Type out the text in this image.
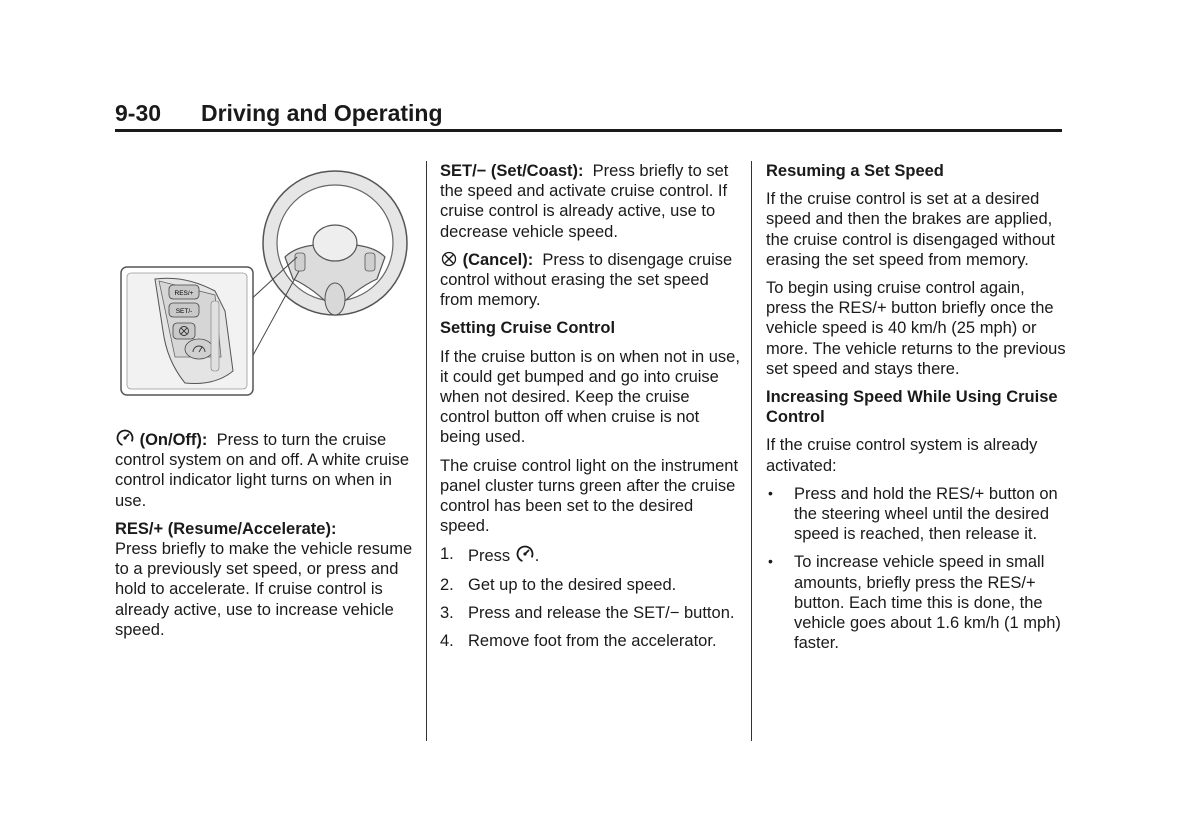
9-30 Driving and Operating
RES/+
SET/-

(On/Off): Press to turn the cruise control system on and off. A white cruise control indicator light turns on when in use.

RES/+ (Resume/Accelerate):
Press briefly to make the vehicle resume to a previously set speed, or press and hold to accelerate. If cruise control is already active, use to increase vehicle speed.

SET/− (Set/Coast): Press briefly to set the speed and activate cruise control. If cruise control is already active, use to decrease vehicle speed.

(Cancel): Press to disengage cruise control without erasing the set speed from memory.

Setting Cruise Control

If the cruise button is on when not in use, it could get bumped and go into cruise when not desired. Keep the cruise control button off when cruise is not being used.

The cruise control light on the instrument panel cluster turns green after the cruise control has been set to the desired speed.

1. Press .
2. Get up to the desired speed.
3. Press and release the SET/− button.
4. Remove foot from the accelerator.

Resuming a Set Speed

If the cruise control is set at a desired speed and then the brakes are applied, the cruise control is disengaged without erasing the set speed from memory.

To begin using cruise control again, press the RES/+ button briefly once the vehicle speed is 40 km/h (25 mph) or more. The vehicle returns to the previous set speed and stays there.

Increasing Speed While Using Cruise Control

If the cruise control system is already activated:

• Press and hold the RES/+ button on the steering wheel until the desired speed is reached, then release it.
• To increase vehicle speed in small amounts, briefly press the RES/+ button. Each time this is done, the vehicle goes about 1.6 km/h (1 mph) faster.
